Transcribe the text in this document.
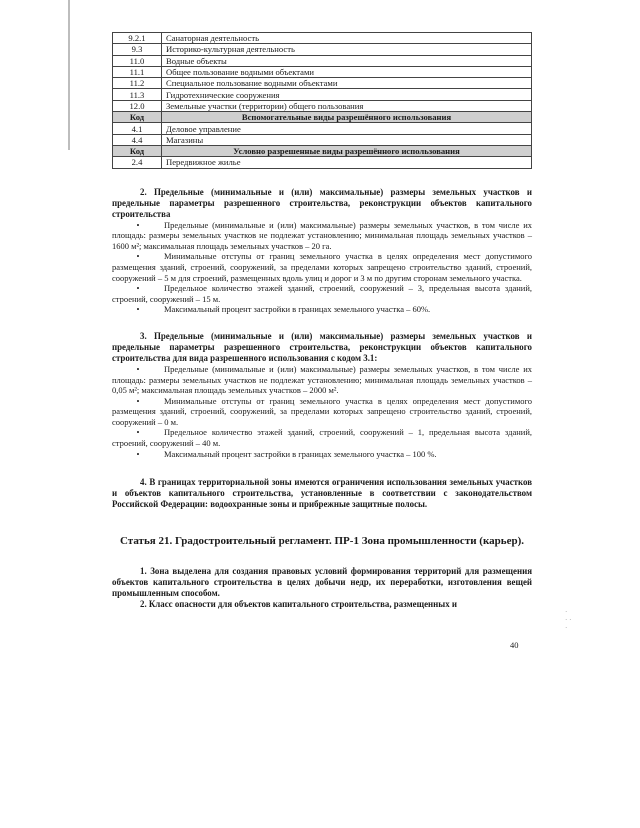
9.2.1	Санаторная деятельность
9.3	Историко-культурная деятельность
11.0	Водные объекты
11.1	Общее пользование водными объектами
11.2	Специальное пользование водными объектами
11.3	Гидротехнические сооружения
12.0	Земельные участки (территории) общего пользования
Код	Вспомогательные виды разрешённого использования
4.1	Деловое управление
4.4	Магазины
Код	Условно разрешенные виды разрешённого использования
2.4	Передвижное жилье

2. Предельные (минимальные и (или) максимальные) размеры земельных участков и предельные параметры разрешенного строительства, реконструкции объектов капитального строительства

•	Предельные (минимальные и (или) максимальные) размеры земельных участков, в том числе их площадь: размеры земельных участков не подлежат установлению; минимальная площадь земельных участков – 1600 м²; максимальная площадь земельных участков – 20 га.

•	Минимальные отступы от границ земельного участка в целях определения мест допустимого размещения зданий, строений, сооружений, за пределами которых запрещено строительство зданий, строений, сооружений – 5 м для строений, размещенных вдоль улиц и дорог и 3 м по другим сторонам земельного участка.

•	Предельное количество этажей зданий, строений, сооружений – 3, предельная высота зданий, строений, сооружений – 15 м.

•	Максимальный процент застройки в границах земельного участка – 60%.

3. Предельные (минимальные и (или) максимальные) размеры земельных участков и предельные параметры разрешенного строительства, реконструкции объектов капитального строительства для вида разрешенного использования с кодом 3.1:

•	Предельные (минимальные и (или) максимальные) размеры земельных участков, в том числе их площадь: размеры земельных участков не подлежат установлению; минимальная площадь земельных участков – 0,05 м²; максимальная площадь земельных участков – 2000 м².

•	Минимальные отступы от границ земельного участка в целях определения мест допустимого размещения зданий, строений, сооружений, за пределами которых запрещено строительство зданий, строений, сооружений – 0 м.

•	Предельное количество этажей зданий, строений, сооружений – 1, предельная высота зданий, строений, сооружений – 40 м.

•	Максимальный процент застройки в границах земельного участка – 100 %.

4. В границах территориальной зоны имеются ограничения использования земельных участков и объектов капитального строительства, установленные в соответствии с законодательством Российской Федерации: водоохранные зоны и прибрежные защитные полосы.

Статья 21. Градостроительный регламент. ПР-1 Зона промышленности (карьер).

1. Зона выделена для создания правовых условий формирования территорий для размещения объектов капитального строительства в целях добычи недр, их переработки, изготовления вещей промышленным способом.

2. Класс опасности для объектов капитального строительства, размещенных и

40
·
· ·
·
